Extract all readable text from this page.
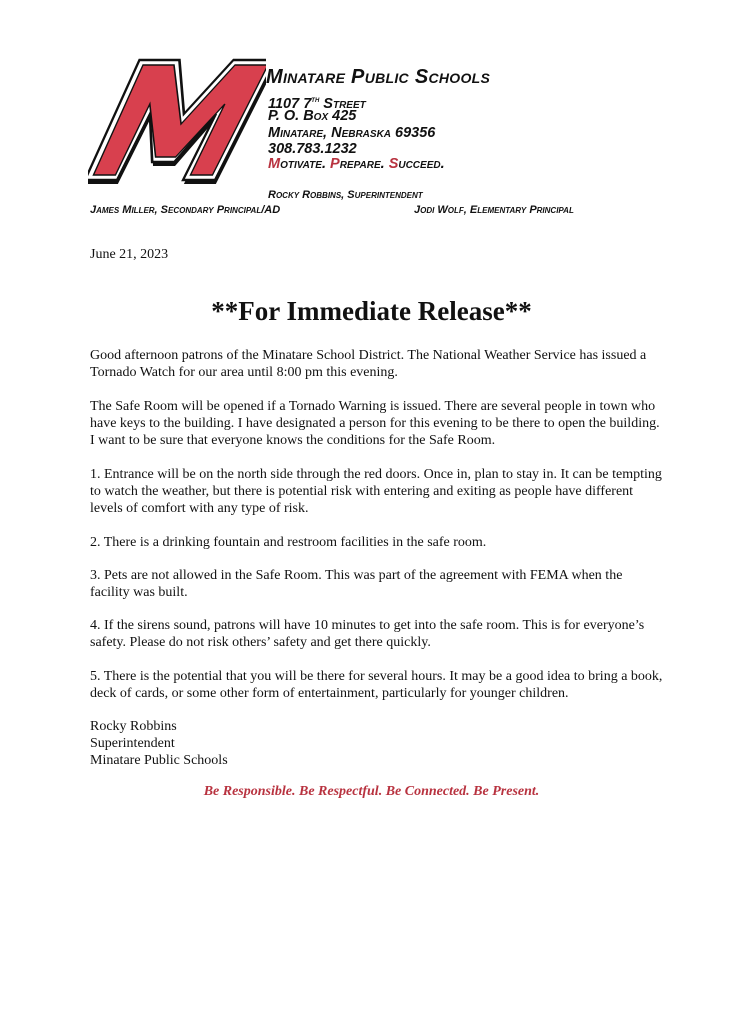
Minatare Public Schools
1107 7th Street
P. O. Box 425
Minatare, Nebraska 69356
308.783.1232
Motivate. Prepare. Succeed.
Rocky Robbins, Superintendent
James Miller, Secondary Principal/AD	Jodi Wolf, Elementary Principal
June 21, 2023
**For Immediate Release**
Good afternoon patrons of the Minatare School District. The National Weather Service has issued a Tornado Watch for our area until 8:00 pm this evening.
The Safe Room will be opened if a Tornado Warning is issued. There are several people in town who have keys to the building. I have designated a person for this evening to be there to open the building. I want to be sure that everyone knows the conditions for the Safe Room.
1. Entrance will be on the north side through the red doors. Once in, plan to stay in. It can be tempting to watch the weather, but there is potential risk with entering and exiting as people have different levels of comfort with any type of risk.
2. There is a drinking fountain and restroom facilities in the safe room.
3. Pets are not allowed in the Safe Room. This was part of the agreement with FEMA when the facility was built.
4. If the sirens sound, patrons will have 10 minutes to get into the safe room. This is for everyone’s safety. Please do not risk others’ safety and get there quickly.
5. There is the potential that you will be there for several hours. It may be a good idea to bring a book, deck of cards, or some other form of entertainment, particularly for younger children.
Rocky Robbins
Superintendent
Minatare Public Schools
Be Responsible. Be Respectful. Be Connected. Be Present.
